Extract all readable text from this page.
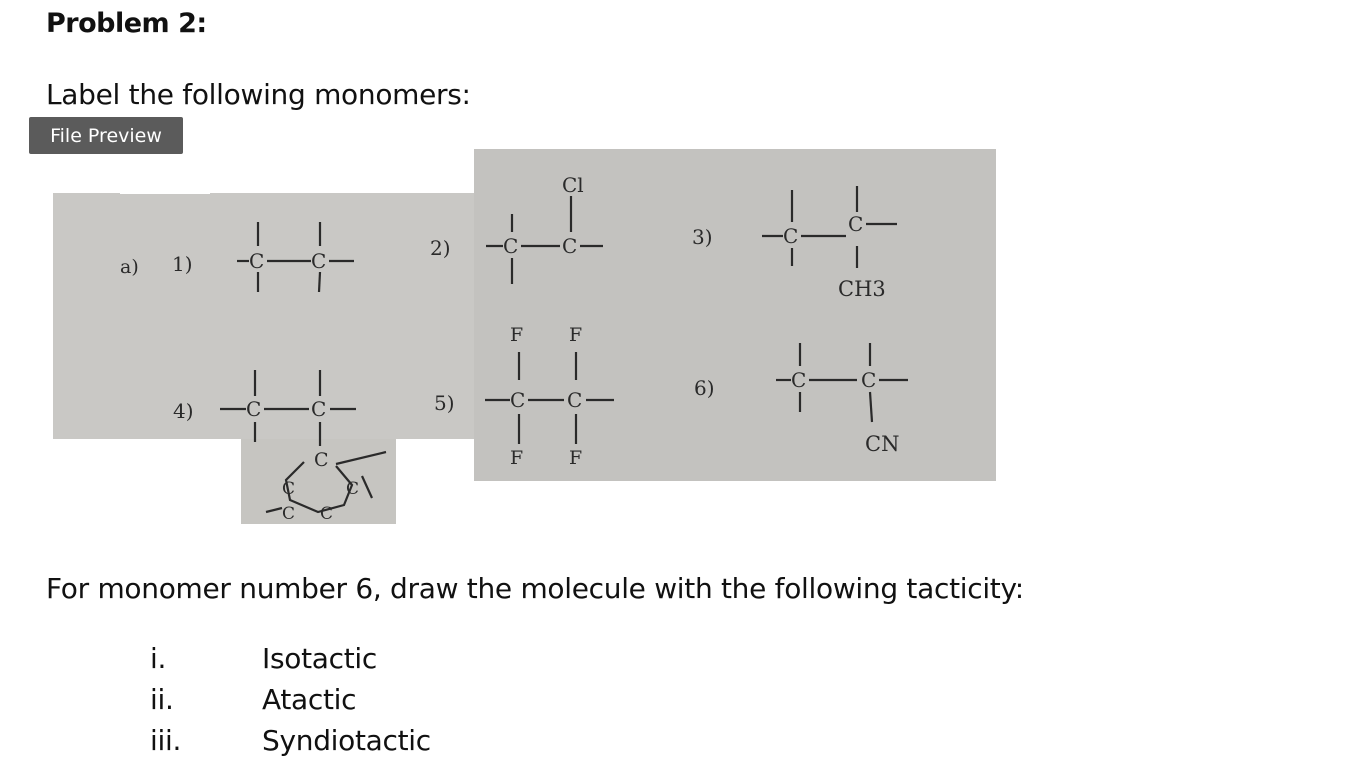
Problem 2:
Label the following monomers:
File Preview
a) 1)	C C
2)	C C
Cl
3)	C C
CH3
4)	C C
C
C	C
C C
5)	C C
F F
F F
6)	C	C
CN
For monomer number 6, draw the molecule with the following tacticity:
i.	Isotactic
ii.	Atactic
iii.	Syndiotactic
